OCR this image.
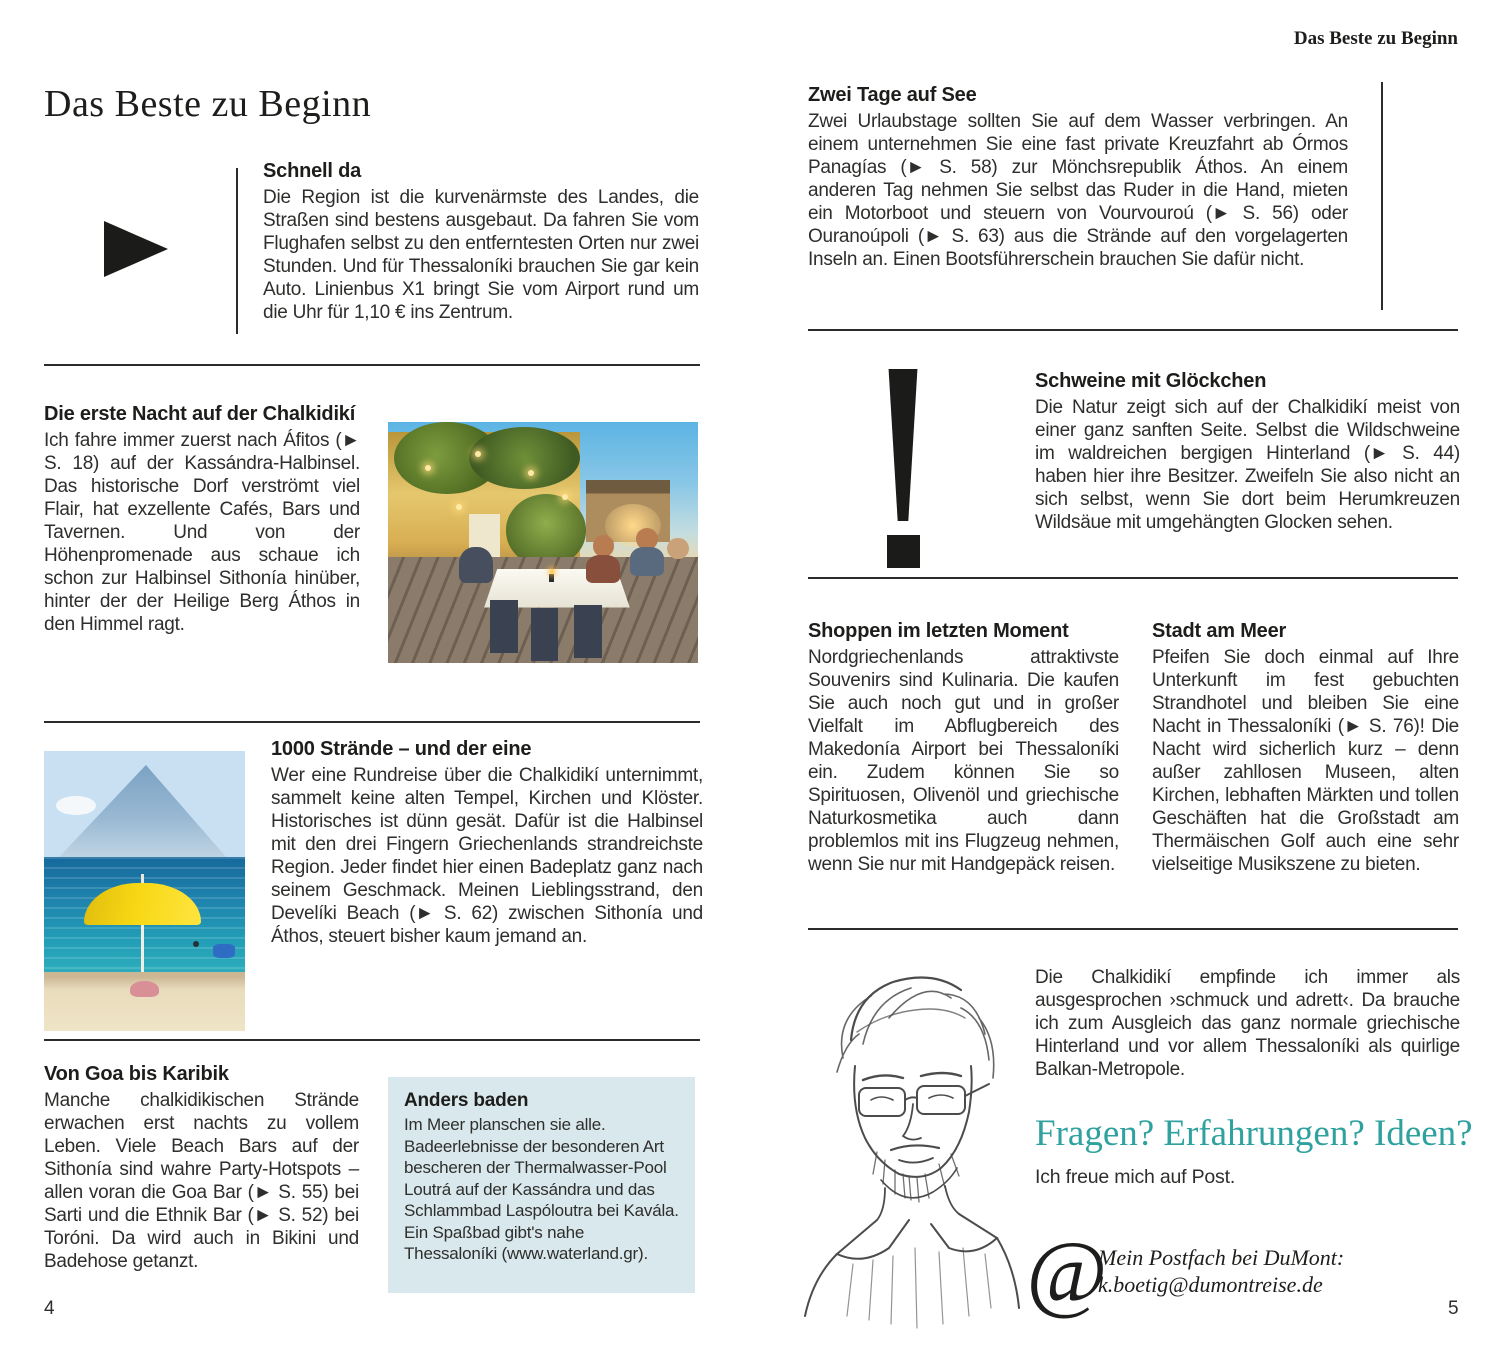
Das Beste zu Beginn
Schnell da
Die Region ist die kurvenärmste des Landes, die Straßen sind bestens ausgebaut. Da fahren Sie vom Flughafen selbst zu den entferntesten Orten nur zwei Stunden. Und für Thessaloníki brauchen Sie gar kein Auto. Linienbus X1 bringt Sie vom Airport rund um die Uhr für 1,10 € ins Zentrum.
Die erste Nacht auf der Chalkidikí
Ich fahre immer zuerst nach Áfitos (► S. 18) auf der Kassándra-Halbinsel. Das historische Dorf verströmt viel Flair, hat exzellente Cafés, Bars und Tavernen. Und von der Höhenpromenade aus schaue ich schon zur Halbinsel Sithonía hinüber, hinter der der Heilige Berg Áthos in den Himmel ragt.
1000 Strände – und der eine
Wer eine Rundreise über die Chalkidikí unternimmt, sammelt keine alten Tempel, Kirchen und Klöster. Historisches ist dünn gesät. Dafür ist die Halbinsel mit den drei Fingern Griechenlands strandreichste Region. Jeder findet hier einen Badeplatz ganz nach seinem Geschmack. Meinen Lieblingsstrand, den Develíki Beach (► S. 62) zwischen Sithonía und Áthos, steuert bisher kaum jemand an.
Von Goa bis Karibik
Manche chalkidikischen Strände erwachen erst nachts zu vollem Leben. Viele Beach Bars auf der Sithonía sind wahre Party-Hotspots – allen voran die Goa Bar (► S. 55) bei Sarti und die Ethnik Bar (► S. 52) bei Toróni. Da wird auch in Bikini und Badehose getanzt.
Anders baden
Im Meer planschen sie alle. Badeerlebnisse der besonderen Art bescheren der Thermalwasser-Pool Loutrá auf der Kassándra und das Schlammbad Laspóloutra bei Kavála. Ein Spaßbad gibt's nahe Thessaloníki (www.waterland.gr).
4
Das Beste zu Beginn
Zwei Tage auf See
Zwei Urlaubstage sollten Sie auf dem Wasser verbringen. An einem unternehmen Sie eine fast private Kreuzfahrt ab Órmos Panagías (► S. 58) zur Mönchsrepublik Áthos. An einem anderen Tag nehmen Sie selbst das Ruder in die Hand, mieten ein Motorboot und steuern von Vourvouroú (► S. 56) oder Ouranoúpoli (► S. 63) aus die Strände auf den vorgelagerten Inseln an. Einen Bootsführerschein brauchen Sie dafür nicht.
Schweine mit Glöckchen
Die Natur zeigt sich auf der Chalkidikí meist von einer ganz sanften Seite. Selbst die Wildschweine im waldreichen bergigen Hinterland (► S. 44) haben hier ihre Besitzer. Zweifeln Sie also nicht an sich selbst, wenn Sie dort beim Herumkreuzen Wildsäue mit umgehängten Glocken sehen.
Shoppen im letzten Moment
Nordgriechenlands attraktivste Souvenirs sind Kulinaria. Die kaufen Sie auch noch gut und in großer Vielfalt im Abflugbereich des Makedonía Airport bei Thessaloníki ein. Zudem können Sie so Spirituosen, Olivenöl und griechische Naturkosmetika auch dann problemlos mit ins Flugzeug nehmen, wenn Sie nur mit Handgepäck reisen.
Stadt am Meer
Pfeifen Sie doch einmal auf Ihre Unterkunft im fest gebuchten Strandhotel und bleiben Sie eine Nacht in Thessaloníki (► S. 76)! Die Nacht wird sicherlich kurz – denn außer zahllosen Museen, alten Kirchen, lebhaften Märkten und tollen Geschäften hat die Großstadt am Thermäischen Golf auch eine sehr vielseitige Musikszene zu bieten.
Die Chalkidikí empfinde ich immer als ausgesprochen ›schmuck und adrett‹. Da brauche ich zum Ausgleich das ganz normale griechische Hinterland und vor allem Thessaloníki als quirlige Balkan-Metropole.
Fragen? Erfahrungen? Ideen?
Ich freue mich auf Post.
@
Mein Postfach bei DuMont:
k.boetig@dumontreise.de
5
